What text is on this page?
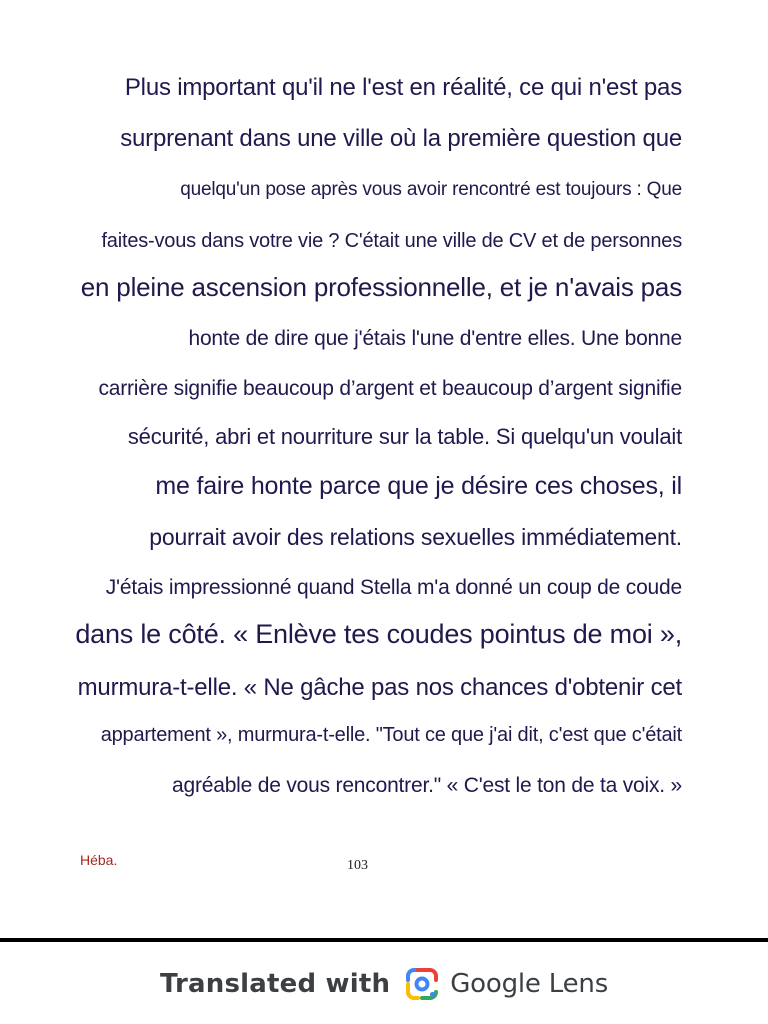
Plus important qu'il ne l'est en réalité, ce qui n'est pas
surprenant dans une ville où la première question que
quelqu'un pose après vous avoir rencontré est toujours : Que
faites-vous dans votre vie ? C'était une ville de CV et de personnes
en pleine ascension professionnelle, et je n'avais pas
honte de dire que j'étais l'une d'entre elles. Une bonne
carrière signifie beaucoup d’argent et beaucoup d’argent signifie
sécurité, abri et nourriture sur la table. Si quelqu'un voulait
me faire honte parce que je désire ces choses, il
pourrait avoir des relations sexuelles immédiatement.
J'étais impressionné quand Stella m'a donné un coup de coude
dans le côté. « Enlève tes coudes pointus de moi »,
murmura-t-elle. « Ne gâche pas nos chances d'obtenir cet
appartement », murmura-t-elle. "Tout ce que j'ai dit, c'est que c'était
agréable de vous rencontrer." « C'est le ton de ta voix. »
Héba.	103
Translated with Google Lens
